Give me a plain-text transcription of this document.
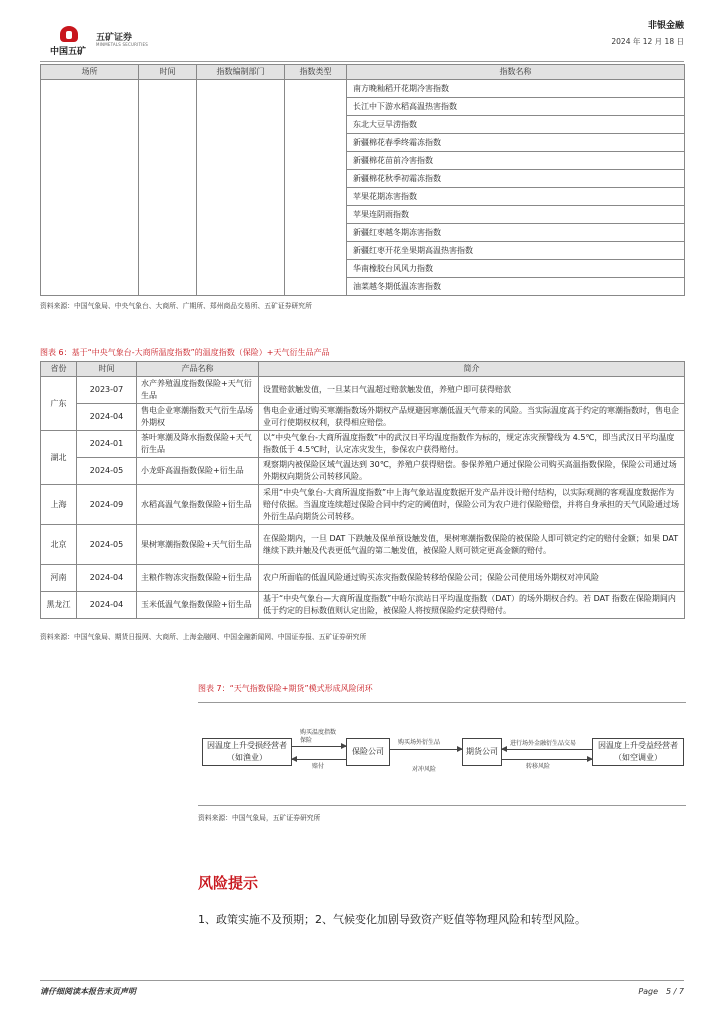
中国五矿
五矿证券
MINMETALS SECURITIES
非银金融
2024 年 12 月 18 日
场所	时间	指数编制部门	指数类型	指数名称
				南方晚籼稻开花期冷害指数
				长江中下游水稻高温热害指数
				东北大豆旱涝指数
				新疆棉花春季终霜冻指数
				新疆棉花苗前冷害指数
				新疆棉花秋季初霜冻指数
				苹果花期冻害指数
				苹果连阴雨指数
				新疆红枣越冬期冻害指数
				新疆红枣开花坐果期高温热害指数
				华南橡胶台风风力指数
				油菜越冬期低温冻害指数
资料来源：中国气象局、中央气象台、大商所、广期所、郑州商品交易所、五矿证券研究所
图表 6：基于“中央气象台-大商所温度指数”的温度指数（保险）+天气衍生品产品
省份	时间	产品名称	简介
广东	2023-07	水产养殖温度指数保险+天气衍生品	设置赔款触发值，一旦某日气温超过赔款触发值，养殖户即可获得赔款
	2024-04	售电企业寒潮指数天气衍生品场外期权	售电企业通过购买寒潮指数场外期权产品规避因寒潮低温天气带来的风险。当实际温度高于约定的寒潮指数时，售电企业可行使期权权利，获得相应赔偿。
湖北	2024-01	茶叶寒潮及降水指数保险+天气衍生品	以“中央气象台-大商所温度指数”中的武汉日平均温度指数作为标的，规定冻灾预警线为 4.5℃，即当武汉日平均温度指数低于 4.5℃时，认定冻灾发生，参保农户获得赔付。
	2024-05	小龙虾高温指数保险+衍生品	观察期内被保险区域气温达到 30℃，养殖户获得赔偿。参保养殖户通过保险公司购买高温指数保险，保险公司通过场外期权向期货公司转移风险。
上海	2024-09	水稻高温气象指数保险+衍生品	采用“中央气象台-大商所温度指数”中上海气象站温度数据开发产品并设计赔付结构，以实际观测的客观温度数据作为赔付依据。当温度连续超过保险合同中约定的阈值时，保险公司为农户进行保险赔偿，并将自身承担的天气风险通过场外衍生品向期货公司转移。
北京	2024-05	果树寒潮指数保险+天气衍生品	在保险期内，一旦 DAT 下跌触及保单预设触发值，果树寒潮指数保险的被保险人即可锁定约定的赔付金额；如果 DAT 继续下跌并触及代表更低气温的第二触发值，被保险人则可锁定更高金额的赔付。
河南	2024-04	主粮作物冻灾指数保险+衍生品	农户所面临的低温风险通过购买冻灾指数保险转移给保险公司；保险公司使用场外期权对冲风险
黑龙江	2024-04	玉米低温气象指数保险+衍生品	基于“中央气象台—大商所温度指数”中哈尔滨站日平均温度指数（DAT）的场外期权合约。若 DAT 指数在保险期间内低于约定的目标数值则认定出险，被保险人将按照保险约定获得赔付。
资料来源：中国气象局、期货日报网、大商所、上海金融网、中国金融新闻网、中国证券报、五矿证券研究所
图表 7：“天气指数保险+期货”模式形成风险闭环
因温度上升受损经营者（如渔业）
保险公司	期货公司
因温度上升受益经营者（如空调业）
购买温度指数保险
赔付
购买场外衍生品
对冲风险
进行场外金融衍生品交易
转移风险
资料来源：中国气象局，五矿证券研究所
风险提示
1、政策实施不及预期；2、气候变化加剧导致资产贬值等物理风险和转型风险。
请仔细阅读本报告末页声明	Page　5 / 7
